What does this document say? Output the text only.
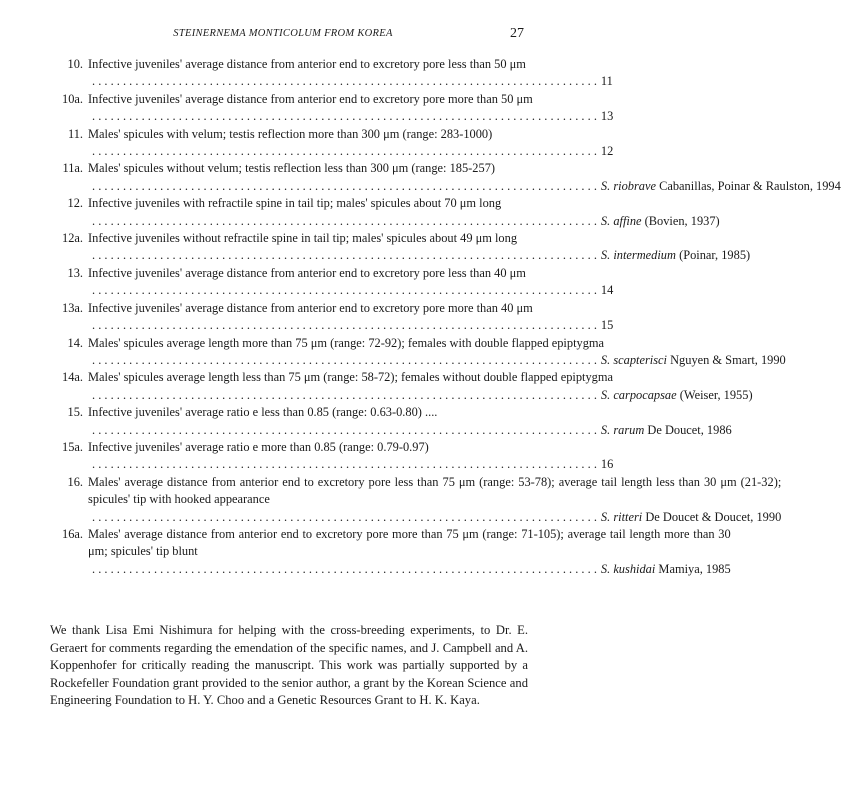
STEINERNEMA MONTICOLUM FROM KOREA	27
10. Infective juveniles' average distance from anterior end to excretory pore less than 50 μm
. . .
11
10a. Infective juveniles' average distance from anterior end to excretory pore more than 50 μm
. . .
13
11. Males' spicules with velum; testis reflection more than 300 μm (range: 283-1000)
. . .
12
11a. Males' spicules without velum; testis reflection less than 300 μm (range: 185-257)
. . .
S. riobrave Cabanillas, Poinar & Raulston, 1994
12. Infective juveniles with refractile spine in tail tip; males' spicules about 70 μm long
. . .
S. affine (Bovien, 1937)
12a. Infective juveniles without refractile spine in tail tip; males' spicules about 49 μm long
. . .
S. intermedium (Poinar, 1985)
13. Infective juveniles' average distance from anterior end to excretory pore less than 40 μm
. . .
14
13a. Infective juveniles' average distance from anterior end to excretory pore more than 40 μm
. . .
15
14. Males' spicules average length more than 75 μm (range: 72-92); females with double flapped epiptygma
. . .
S. scapterisci Nguyen & Smart, 1990
14a. Males' spicules average length less than 75 μm (range: 58-72); females without double flapped epiptygma
. . .
S. carpocapsae (Weiser, 1955)
15. Infective juveniles' average ratio e less than 0.85 (range: 0.63-0.80) ....
. . .
S. rarum De Doucet, 1986
15a. Infective juveniles' average ratio e more than 0.85 (range: 0.79-0.97)
. . .
16
16. Males' average distance from anterior end to excretory pore less than 75 μm (range: 53-78); average tail length less than 30 μm (21-32); spicules' tip with hooked appearance
. . .
S. ritteri De Doucet & Doucet, 1990
16a. Males' average distance from anterior end to excretory pore more than 75 μm (range: 71-105); average tail length more than 30 μm; spicules' tip blunt
. . .
S. kushidai Mamiya, 1985
We thank Lisa Emi Nishimura for helping with the cross-breeding experiments, to Dr. E. Geraert for comments regarding the emendation of the specific names, and J. Campbell and A. Koppenhofer for critically reading the manuscript. This work was partially supported by a Rockefeller Foundation grant provided to the senior author, a grant by the Korean Science and Engineering Foundation to H. Y. Choo and a Genetic Resources Grant to H. K. Kaya.
